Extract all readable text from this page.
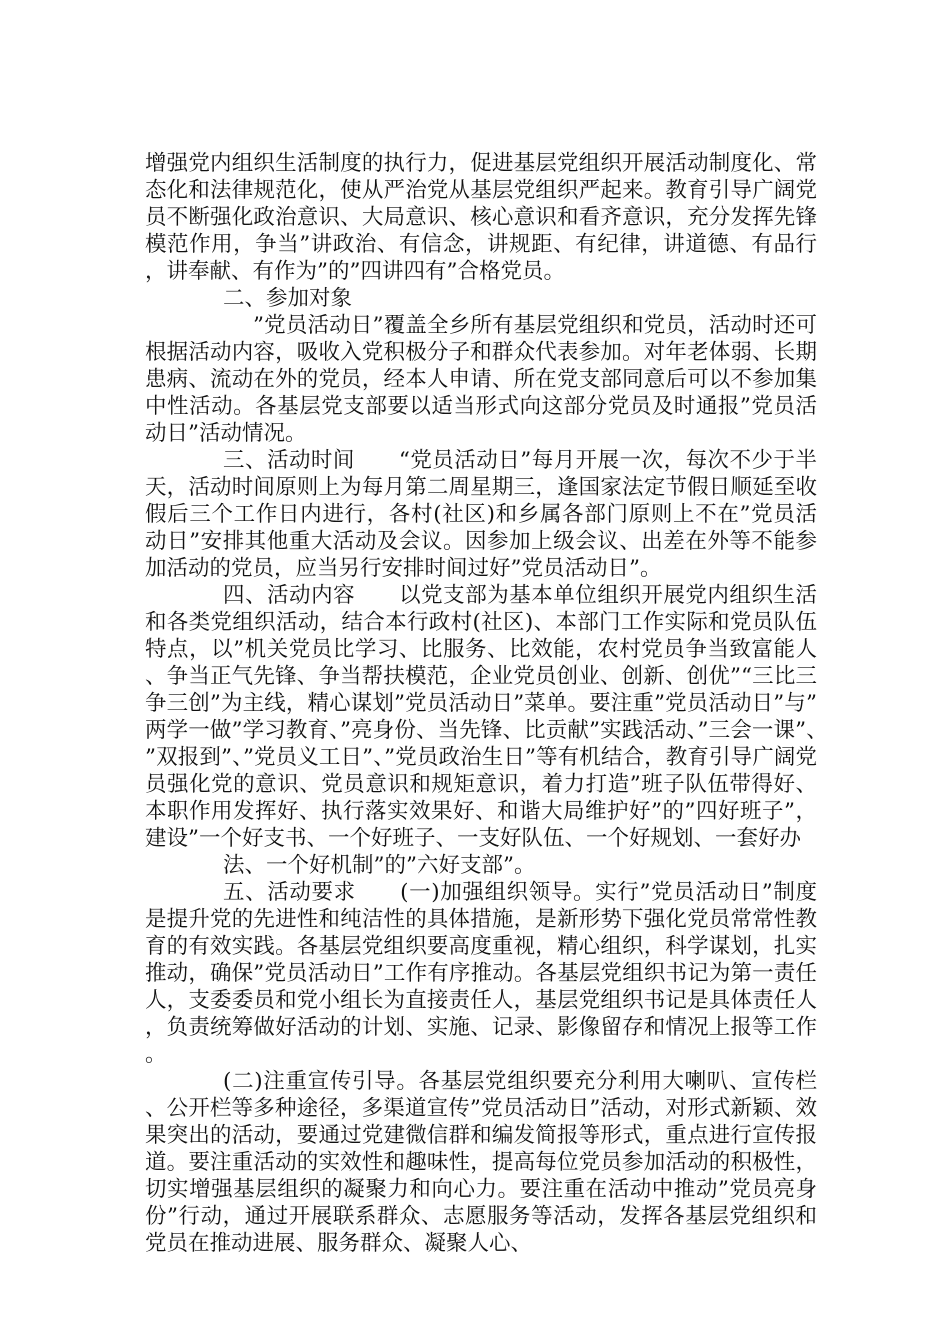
增强党内组织生活制度的执行力，促进基层党组织开展活动制度化、常态化和法律规范化，使从严治党从基层党组织严起来。教育引导广阔党员不断强化政治意识、大局意识、核心意识和看齐意识，充分发挥先锋模范作用，争当”讲政治、有信念，讲规距、有纪律，讲道德、有品行，讲奉献、有作为”的”四讲四有”合格党员。

二、参加对象

”党员活动日”覆盖全乡所有基层党组织和党员，活动时还可根据活动内容，吸收入党积极分子和群众代表参加。对年老体弱、长期患病、流动在外的党员，经本人申请、所在党支部同意后可以不参加集中性活动。各基层党支部要以适当形式向这部分党员及时通报”党员活动日”活动情况。

三、活动时间　　“党员活动日”每月开展一次，每次不少于半天，活动时间原则上为每月第二周星期三，逢国家法定节假日顺延至收假后三个工作日内进行，各村(社区)和乡属各部门原则上不在”党员活动日”安排其他重大活动及会议。因参加上级会议、出差在外等不能参加活动的党员，应当另行安排时间过好”党员活动日”。

四、活动内容　　以党支部为基本单位组织开展党内组织生活和各类党组织活动，结合本行政村(社区)、本部门工作实际和党员队伍特点，以”机关党员比学习、比服务、比效能，农村党员争当致富能人、争当正气先锋、争当帮扶模范，企业党员创业、创新、创优”“三比三争三创”为主线，精心谋划”党员活动日”菜单。要注重”党员活动日”与”两学一做”学习教育、”亮身份、当先锋、比贡献”实践活动、”三会一课”、”双报到”、”党员义工日”、”党员政治生日”等有机结合，教育引导广阔党员强化党的意识、党员意识和规矩意识，着力打造”班子队伍带得好、本职作用发挥好、执行落实效果好、和谐大局维护好”的”四好班子”，建设”一个好支书、一个好班子、一支好队伍、一个好规划、一套好办

法、一个好机制”的”六好支部”。

五、活动要求　　(一)加强组织领导。实行”党员活动日”制度是提升党的先进性和纯洁性的具体措施，是新形势下强化党员常常性教育的有效实践。各基层党组织要高度重视，精心组织，科学谋划，扎实推动，确保”党员活动日”工作有序推动。各基层党组织书记为第一责任人，支委委员和党小组长为直接责任人，基层党组织书记是具体责任人，负责统筹做好活动的计划、实施、记录、影像留存和情况上报等工作。

(二)注重宣传引导。各基层党组织要充分利用大喇叭、宣传栏、公开栏等多种途径，多渠道宣传”党员活动日”活动，对形式新颖、效果突出的活动，要通过党建微信群和编发简报等形式，重点进行宣传报道。要注重活动的实效性和趣味性，提高每位党员参加活动的积极性，切实增强基层组织的凝聚力和向心力。要注重在活动中推动”党员亮身份”行动，通过开展联系群众、志愿服务等活动，发挥各基层党组织和党员在推动进展、服务群众、凝聚人心、
